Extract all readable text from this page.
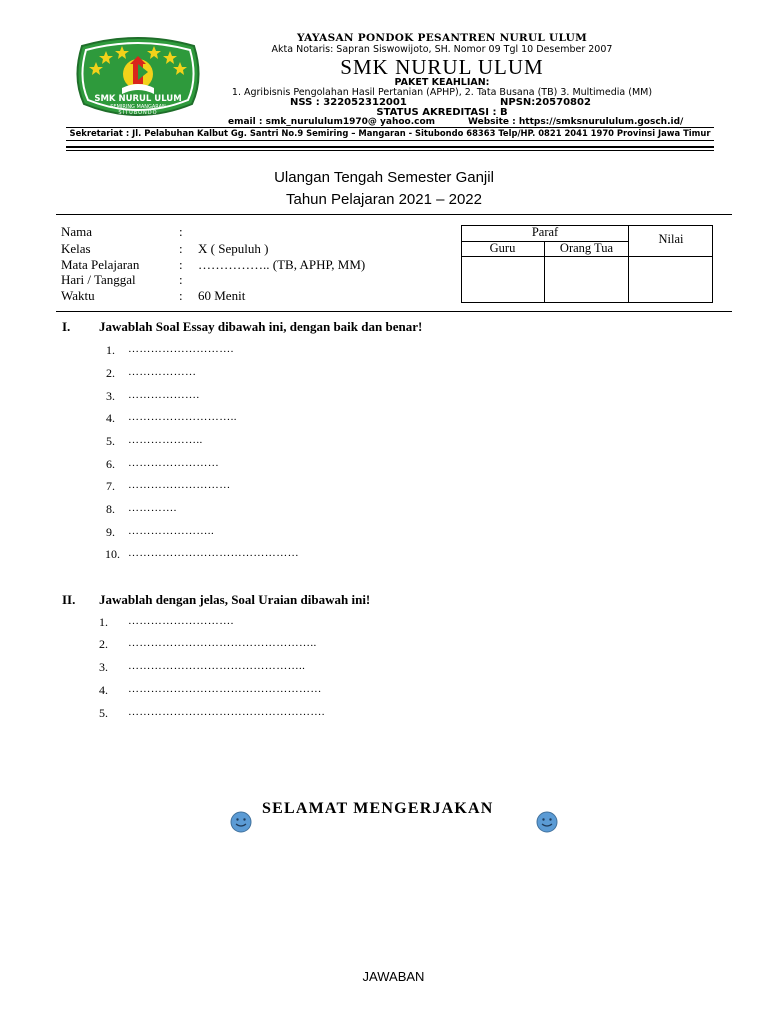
SMK NURUL ULUM
SEMIRING MANGARAN
SITUBONDO
YAYASAN PONDOK PESANTREN NURUL ULUM
Akta Notaris: Sapran Siswowijoto, SH. Nomor 09 Tgl 10 Desember 2007
SMK NURUL ULUM
PAKET KEAHLIAN:
1. Agribisnis Pengolahan Hasil Pertanian (APHP), 2. Tata Busana (TB) 3. Multimedia (MM)
NSS : 322052312001	NPSN:20570802
STATUS AKREDITASI : B
email : smk_nurululum1970@ yahoo.com	Website : https://smksnurululum.gosch.id/
Sekretariat : Jl. Pelabuhan Kalbut Gg. Santri No.9 Semiring – Mangaran - Situbondo 68363 Telp/HP. 0821 2041 1970 Provinsi Jawa Timur
Ulangan Tengah Semester Ganjil
Tahun Pelajaran 2021 – 2022
Nama	:
Kelas	: X ( Sepuluh )
Mata Pelajaran	: …………….. (TB, APHP, MM)
Hari / Tanggal	:
Waktu	: 60 Menit
Paraf
Guru	Orang Tua
Nilai
I. Jawablah Soal Essay dibawah ini, dengan baik dan benar!
1. ……………………….
2. ………………
3. ……………….
4. ………………………..
5. ………………..
6. ……………………
7. ………………………
8. ………….
9. …………………..
10. ………………………………………
II. Jawablah dengan jelas, Soal Uraian dibawah ini!
1. ……………………….
2. …………………………………………..
3. ………………………………………..
4. ……………………………………………
5. …………………………………………….
SELAMAT MENGERJAKAN
JAWABAN
